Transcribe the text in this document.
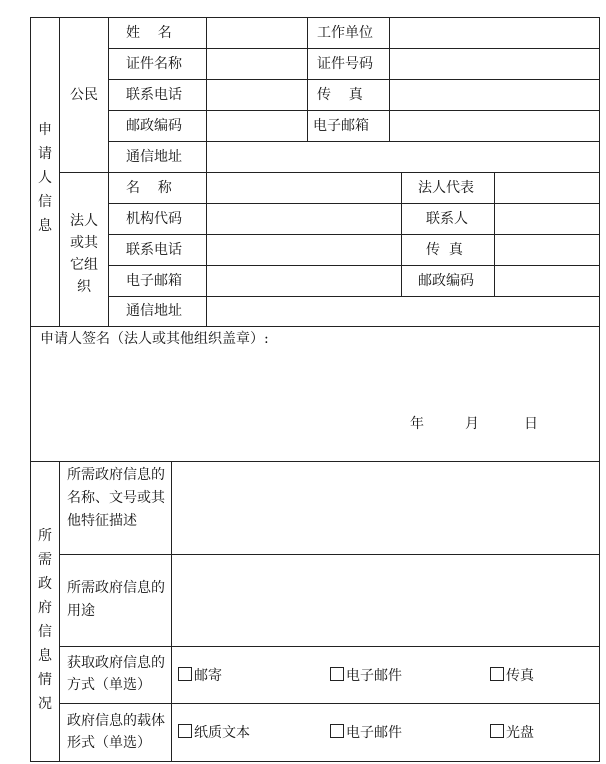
申请人信息
公民
姓    名	工作单位
证件名称	证件号码
联系电话	传    真
邮政编码	电子邮箱
通信地址
法人或其它组织
名    称	法人代表
机构代码	联系人
联系电话	传  真
电子邮箱	邮政编码
通信地址
申请人签名（法人或其他组织盖章）:
年	月	日
所需政府信息情况
所需政府信息的名称、文号或其他特征描述
所需政府信息的用途
获取政府信息的方式（单选）
邮寄	电子邮件	传真
政府信息的载体形式（单选）
纸质文本	电子邮件	光盘
